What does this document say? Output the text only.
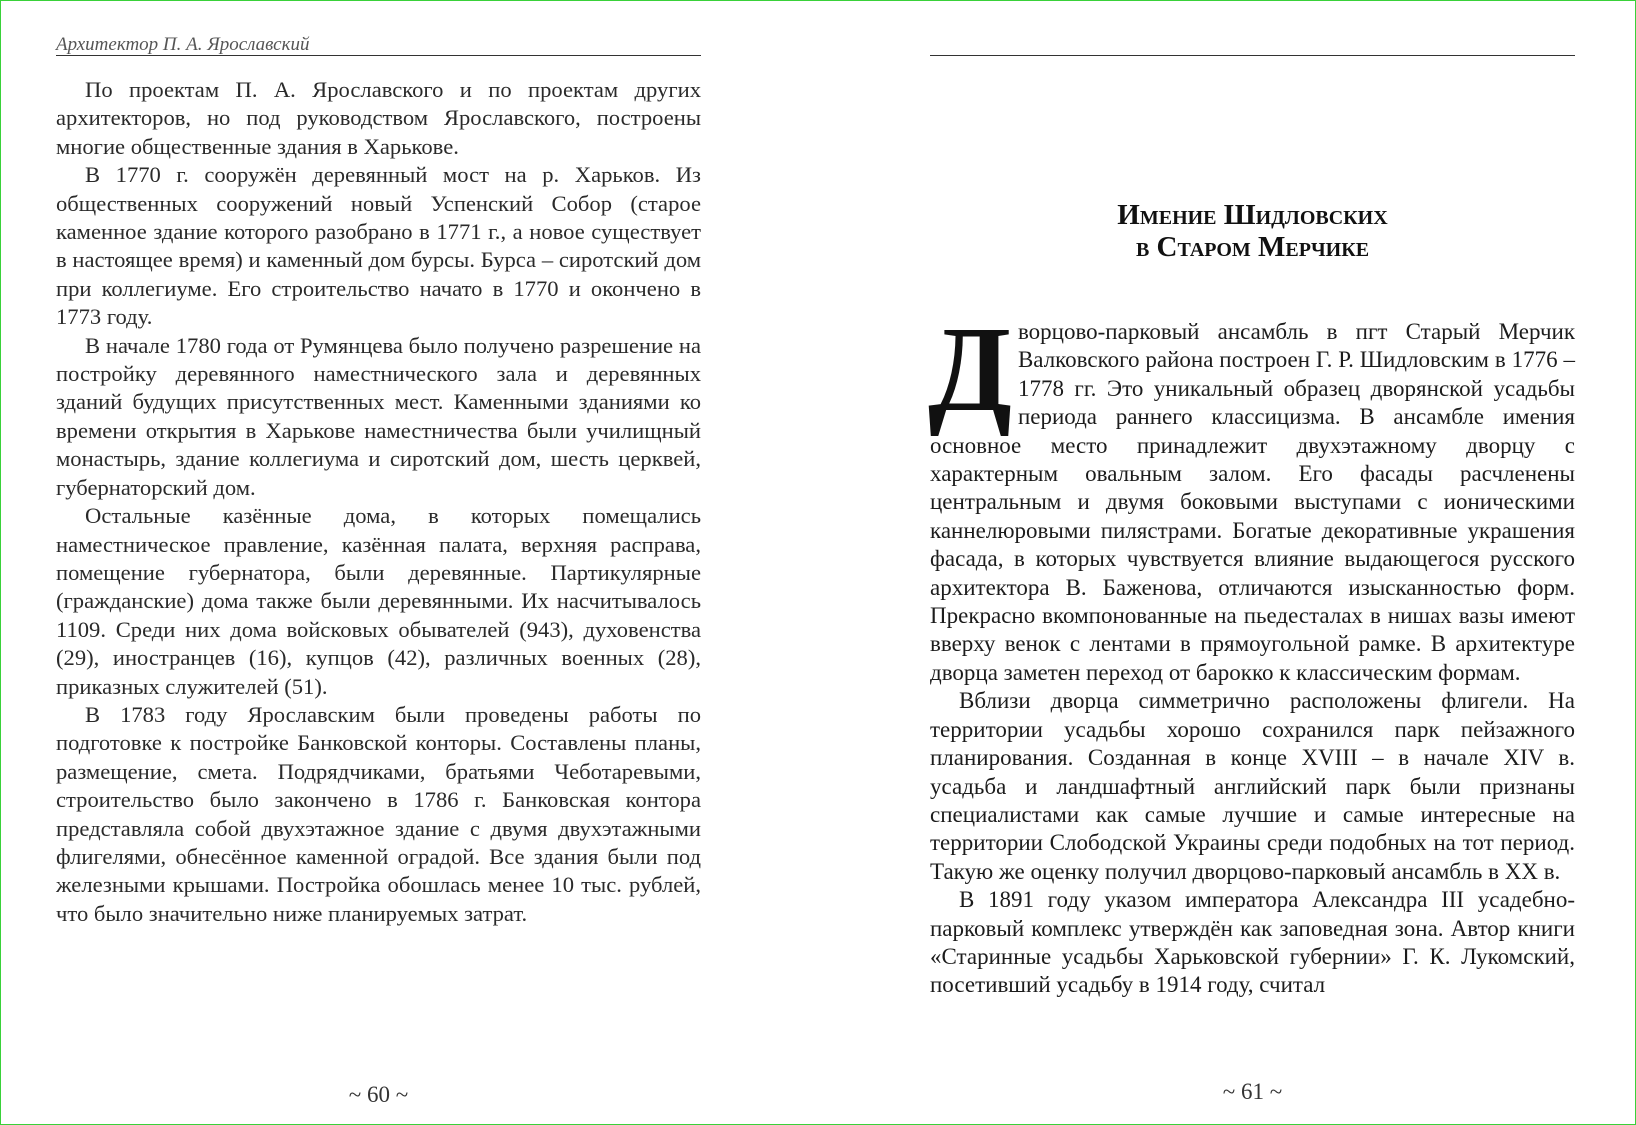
Архитектор П. А. Ярославский

По проектам П. А. Ярославского и по проектам других архитекторов, но под руководством Ярославского, построены многие общественные здания в Харькове.

В 1770 г. сооружён деревянный мост на р. Харьков. Из общественных сооружений новый Успенский Собор (старое каменное здание которого разобрано в 1771 г., а новое существует в настоящее время) и каменный дом бурсы. Бурса – сиротский дом при коллегиуме. Его строительство начато в 1770 и окончено в 1773 году.

В начале 1780 года от Румянцева было получено разрешение на постройку деревянного наместнического зала и деревянных зданий будущих присутственных мест. Каменными зданиями ко времени открытия в Харькове наместничества были училищный монастырь, здание коллегиума и сиротский дом, шесть церквей, губернаторский дом.

Остальные казённые дома, в которых помещались наместническое правление, казённая палата, верхняя расправа, помещение губернатора, были деревянные. Партикулярные (гражданские) дома также были деревянными. Их насчитывалось 1109. Среди них дома войсковых обывателей (943), духовенства (29), иностранцев (16), купцов (42), различных военных (28), приказных служителей (51).

В 1783 году Ярославским были проведены работы по подготовке к постройке Банковской конторы. Составлены планы, размещение, смета. Подрядчиками, братьями Чеботаревыми, строительство было закончено в 1786 г. Банковская контора представляла собой двухэтажное здание с двумя двухэтажными флигелями, обнесённое каменной оградой. Все здания были под железными крышами. Постройка обошлась менее 10 тыс. рублей, что было значительно ниже планируемых затрат.

~ 60 ~
Имение Шидловских
в Старом Мерчике

Дворцово-парковый ансамбль в пгт Старый Мерчик Валковского района построен Г. Р. Шидловским в 1776 – 1778 гг. Это уникальный образец дворянской усадьбы периода раннего классицизма. В ансамбле имения основное место принадлежит двухэтажному дворцу с характерным овальным залом. Его фасады расчленены центральным и двумя боковыми выступами с ионическими каннелюровыми пилястрами. Богатые декоративные украшения фасада, в которых чувствуется влияние выдающегося русского архитектора В. Баженова, отличаются изысканностью форм. Прекрасно вкомпонованные на пьедесталах в нишах вазы имеют вверху венок с лентами в прямоугольной рамке. В архитектуре дворца заметен переход от барокко к классическим формам.

Вблизи дворца симметрично расположены флигели. На территории усадьбы хорошо сохранился парк пейзажного планирования. Созданная в конце XVIII – в начале XIV в. усадьба и ландшафтный английский парк были признаны специалистами как самые лучшие и самые интересные на территории Слободской Украины среди подобных на тот период. Такую же оценку получил дворцово-парковый ансамбль в XX в.

В 1891 году указом императора Александра III усадебно-парковый комплекс утверждён как заповедная зона. Автор книги «Старинные усадьбы Харьковской губернии» Г. К. Лукомский, посетивший усадьбу в 1914 году, считал

~ 61 ~
